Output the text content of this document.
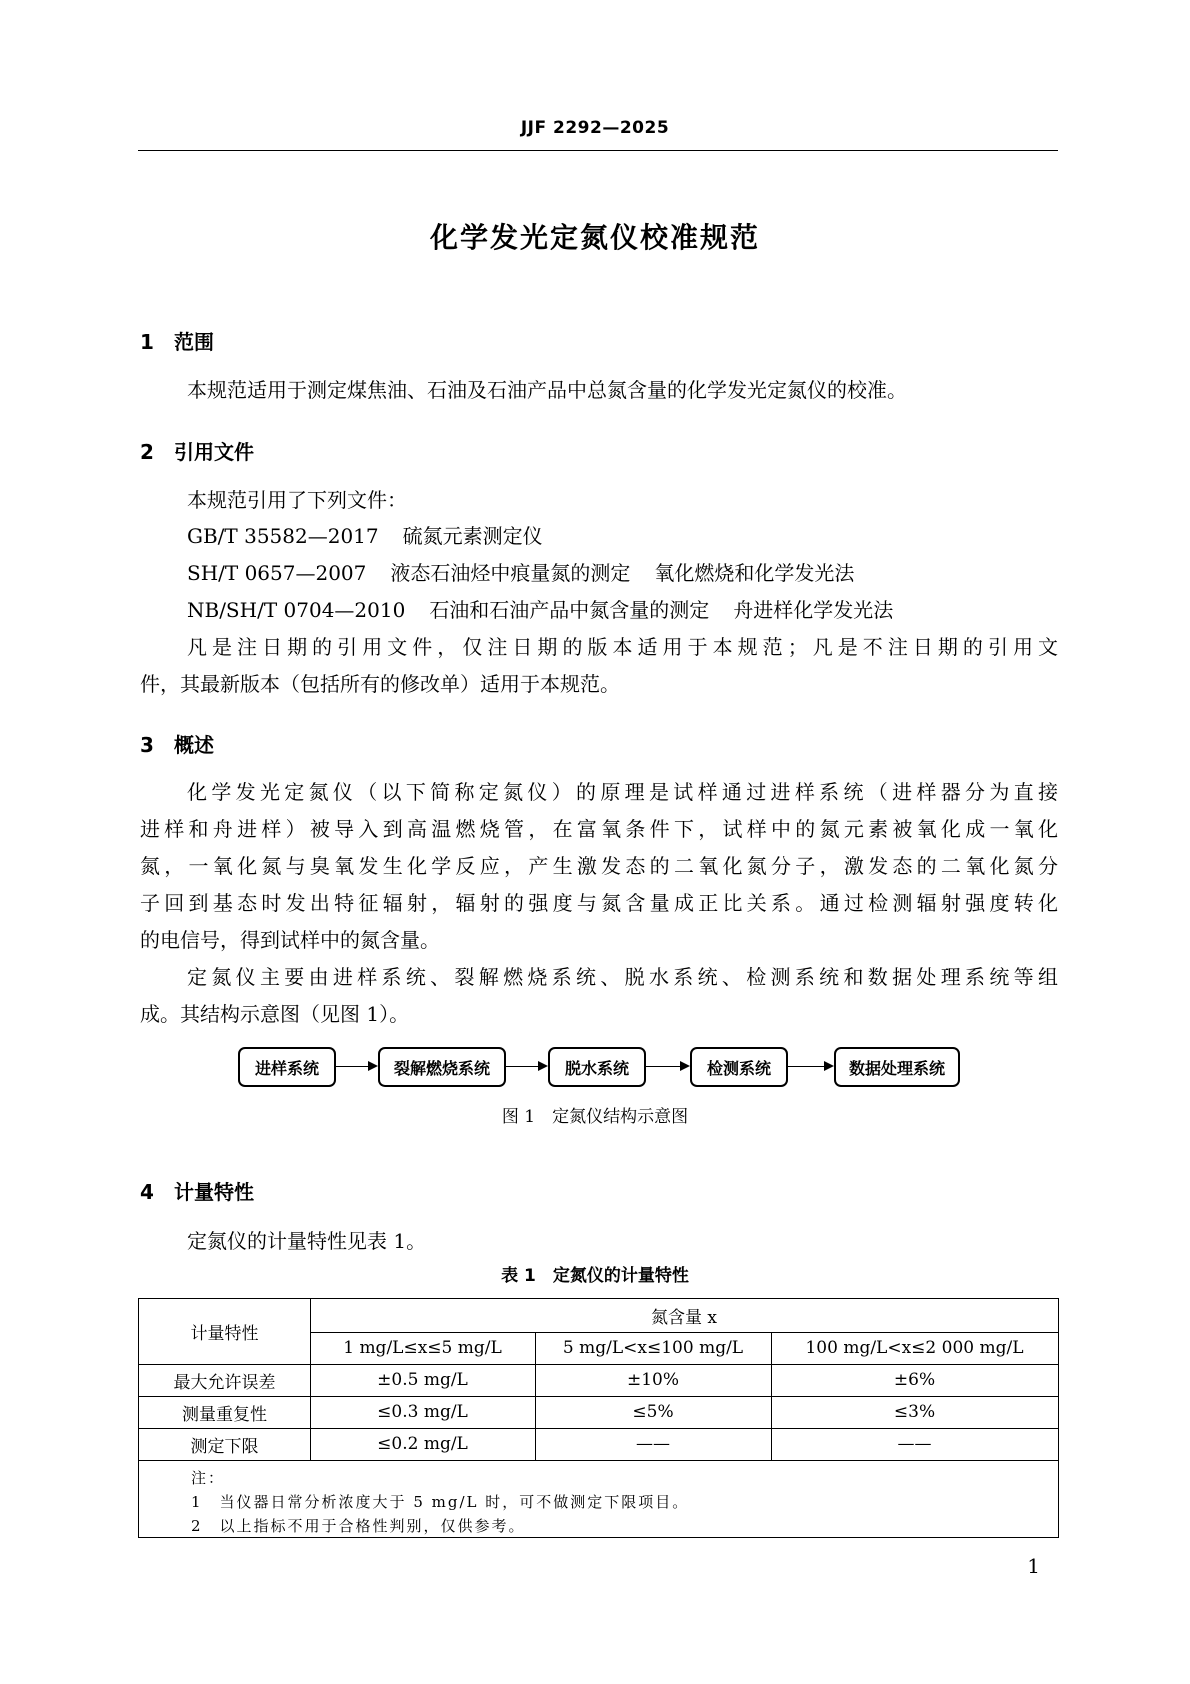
JJF 2292—2025
化学发光定氮仪校准规范
1 范围
本规范适用于测定煤焦油、石油及石油产品中总氮含量的化学发光定氮仪的校准。
2 引用文件
本规范引用了下列文件：
GB/T 35582—2017 硫氮元素测定仪
SH/T 0657—2007 液态石油烃中痕量氮的测定 氧化燃烧和化学发光法
NB/SH/T 0704—2010 石油和石油产品中氮含量的测定 舟进样化学发光法
凡是注日期的引用文件，仅注日期的版本适用于本规范；凡是不注日期的引用文
件，其最新版本（包括所有的修改单）适用于本规范。
3 概述
化学发光定氮仪（以下简称定氮仪）的原理是试样通过进样系统（进样器分为直接
进样和舟进样）被导入到高温燃烧管，在富氧条件下，试样中的氮元素被氧化成一氧化
氮，一氧化氮与臭氧发生化学反应，产生激发态的二氧化氮分子，激发态的二氧化氮分
子回到基态时发出特征辐射，辐射的强度与氮含量成正比关系。通过检测辐射强度转化
的电信号，得到试样中的氮含量。
定氮仪主要由进样系统、裂解燃烧系统、脱水系统、检测系统和数据处理系统等组
成。其结构示意图（见图 1）。
进样系统	裂解燃烧系统	脱水系统	检测系统	数据处理系统
图 1　定氮仪结构示意图
4 计量特性
定氮仪的计量特性见表 1。
表 1　定氮仪的计量特性
计量特性
氮含量 x
1 mg/L≤x≤5 mg/L	5 mg/L<x≤100 mg/L	100 mg/L<x≤2 000 mg/L
最大允许误差	±0.5 mg/L	±10%	±6%
测量重复性	≤0.3 mg/L	≤5%	≤3%
测定下限	≤0.2 mg/L	——	——
注：
1　当仪器日常分析浓度大于 5 mg/L 时，可不做测定下限项目。
2　以上指标不用于合格性判别，仅供参考。
1
